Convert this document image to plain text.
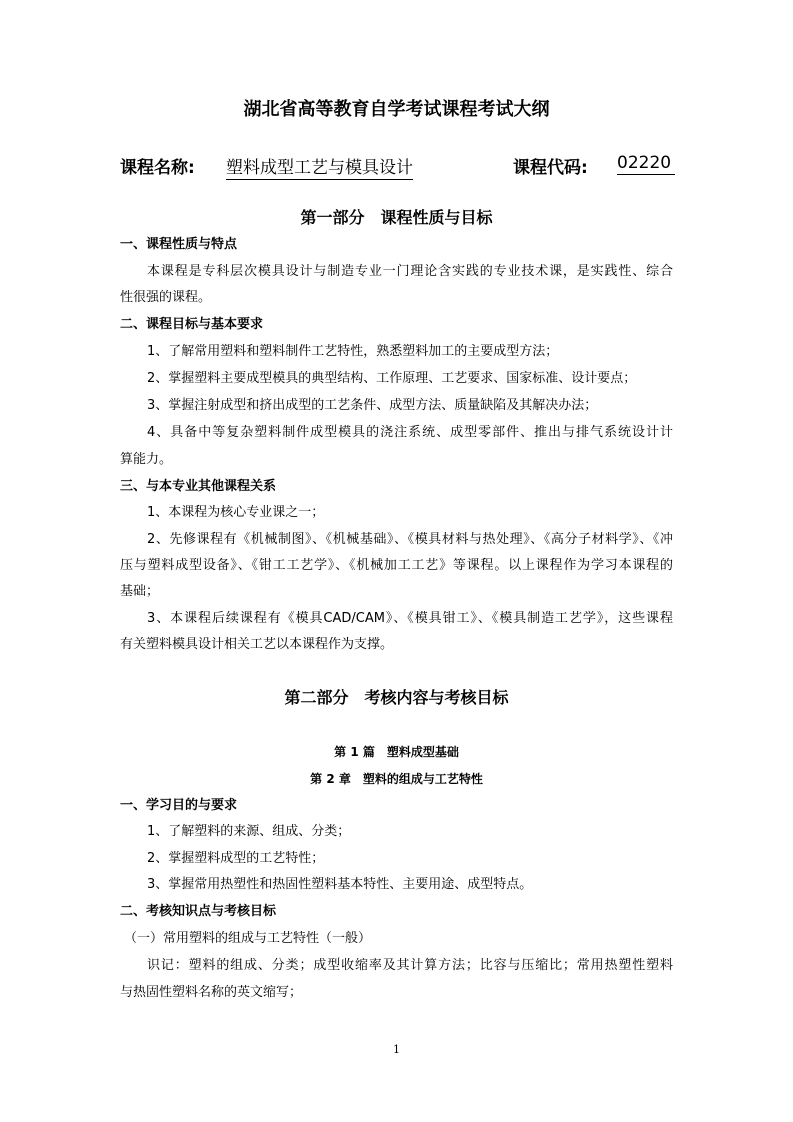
湖北省高等教育自学考试课程考试大纲
课程名称: 塑料成型工艺与模具设计	课程代码: 02220
第一部分　课程性质与目标
一、课程性质与特点
本课程是专科层次模具设计与制造专业一门理论含实践的专业技术课，是实践性、综合
性很强的课程。
二、课程目标与基本要求
1、了解常用塑料和塑料制件工艺特性，熟悉塑料加工的主要成型方法；
2、掌握塑料主要成型模具的典型结构、工作原理、工艺要求、国家标准、设计要点；
3、掌握注射成型和挤出成型的工艺条件、成型方法、质量缺陷及其解决办法；
4、具备中等复杂塑料制件成型模具的浇注系统、成型零部件、推出与排气系统设计计
算能力。
三、与本专业其他课程关系
1、本课程为核心专业课之一；
2、先修课程有《机械制图》、《机械基础》、《模具材料与热处理》、《高分子材料学》、《冲
压与塑料成型设备》、《钳工工艺学》、《机械加工工艺》等课程。以上课程作为学习本课程的
基础；
3、本课程后续课程有《模具CAD/CAM》、《模具钳工》、《模具制造工艺学》，这些课程
有关塑料模具设计相关工艺以本课程作为支撑。
第二部分　考核内容与考核目标
第 1 篇　塑料成型基础
第 2 章　塑料的组成与工艺特性
一、学习目的与要求
1、了解塑料的来源、组成、分类；
2、掌握塑料成型的工艺特性；
3、掌握常用热塑性和热固性塑料基本特性、主要用途、成型特点。
二、考核知识点与考核目标
（一）常用塑料的组成与工艺特性（一般）
识记：塑料的组成、分类；成型收缩率及其计算方法；比容与压缩比；常用热塑性塑料
与热固性塑料名称的英文缩写；
1
